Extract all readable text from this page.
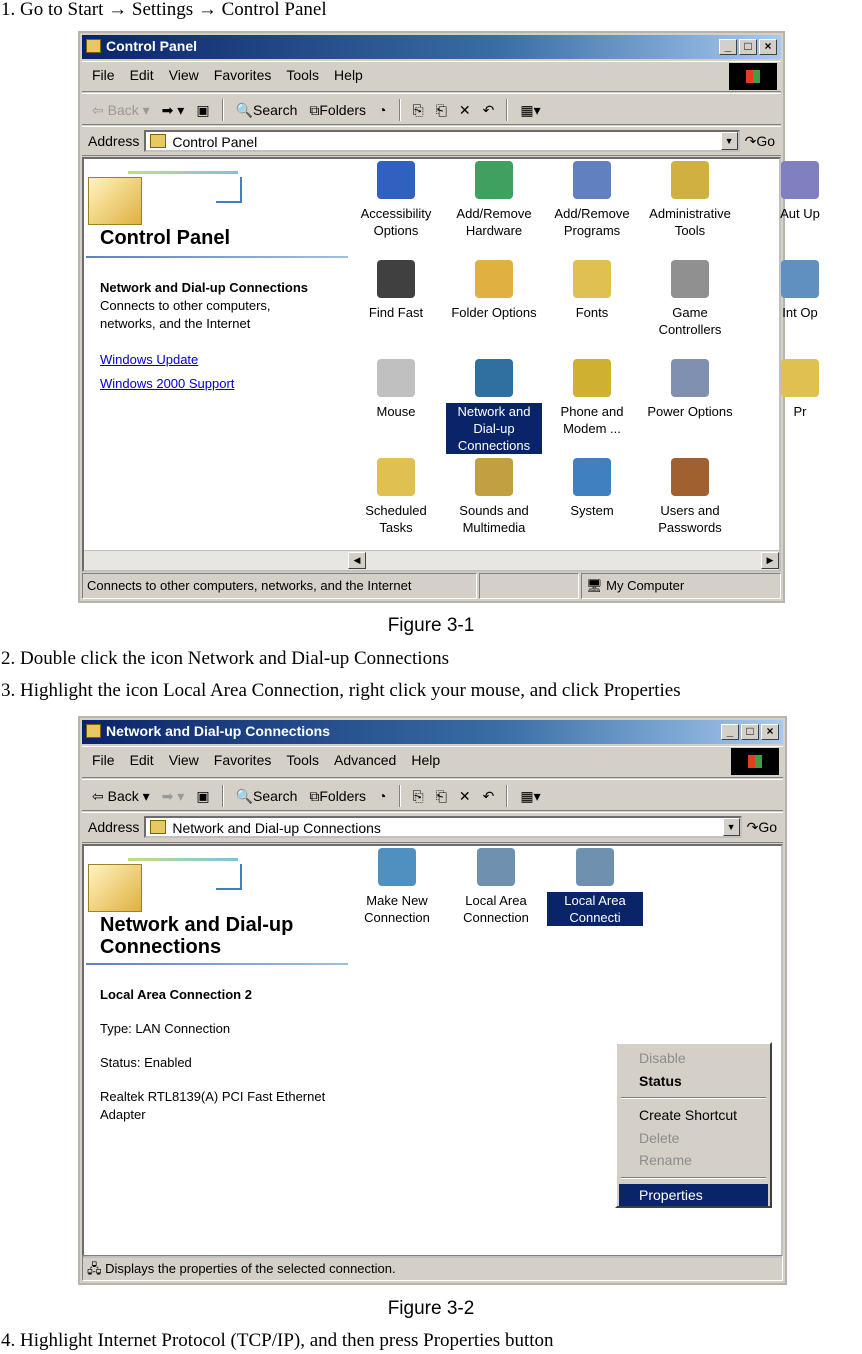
1. Go to Start → Settings → Control Panel
Control Panel	_	□	×
File Edit View Favorites Tools Help
⇦ Back ▾ ➡ ▾ ▣ 🔍Search ⧉Folders ◔ ⎘ ⎗ ✕ ↶ ▦▾
Address	Control Panel	▼ ↷Go
Control Panel
Network and Dial-up Connections
Connects to other computers, networks, and the Internet
Windows Update
Windows 2000 Support
Accessibility Options
Add/Remove Hardware
Add/Remove Programs
Administrative Tools
Aut Up
Find Fast	Folder Options	Fonts	Game Controllers
Int Op
Mouse	Network and Dial-up Connections
Phone and Modem ...
Power Options	Pr
Scheduled Tasks
Sounds and Multimedia
System	Users and Passwords
◀	▶
Connects to other computers, networks, and the Internet	🖥 My Computer
Figure 3-1
2. Double click the icon Network and Dial-up Connections
3. Highlight the icon Local Area Connection, right click your mouse, and click Properties
Network and Dial-up Connections	_	□	×
File Edit View Favorites Tools Advanced Help
⇦ Back ▾ ➡ ▾ ▣ 🔍Search ⧉Folders ◔ ⎘ ⎗ ✕ ↶ ▦▾
Address	Network and Dial-up Connections	▼ ↷Go
Network and Dial-up
Connections
Local Area Connection 2
Type: LAN Connection
Status: Enabled
Realtek RTL8139(A) PCI Fast Ethernet Adapter
Make New Connection
Local Area Connection
Local Area Connecti
Disable
Status
Create Shortcut
Delete
Rename
Properties
🖧 Displays the properties of the selected connection.
Figure 3-2
4. Highlight Internet Protocol (TCP/IP), and then press Properties button
